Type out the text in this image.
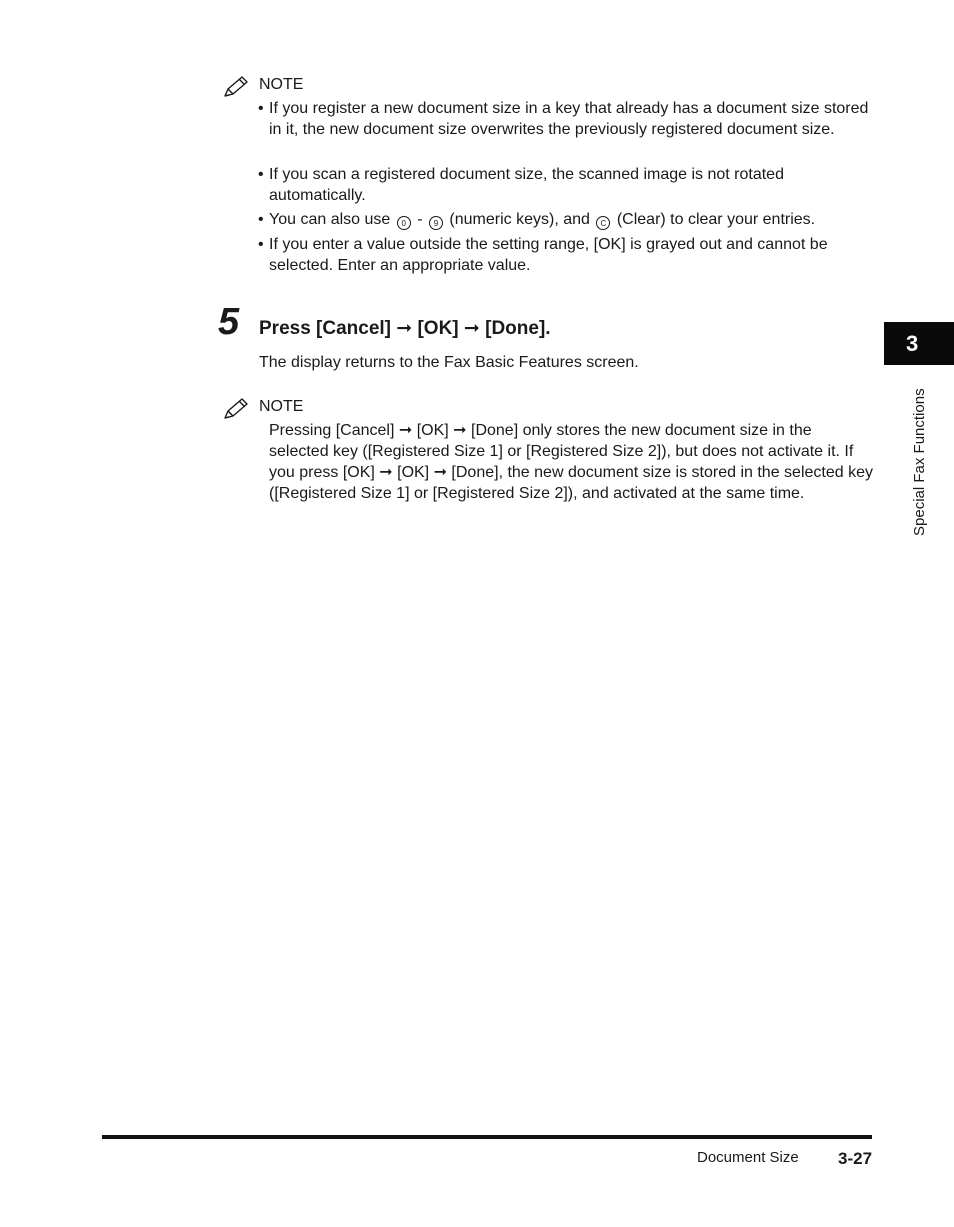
NOTE
• If you register a new document size in a key that already has a document size stored in it, the new document size overwrites the previously registered document size.
• If you scan a registered document size, the scanned image is not rotated automatically.
• You can also use 0 - 9 (numeric keys), and C (Clear) to clear your entries.
• If you enter a value outside the setting range, [OK] is grayed out and cannot be selected. Enter an appropriate value.
5 Press [Cancel] ➞ [OK] ➞ [Done].
The display returns to the Fax Basic Features screen.
NOTE
Pressing [Cancel] ➞ [OK] ➞ [Done] only stores the new document size in the selected key ([Registered Size 1] or [Registered Size 2]), but does not activate it. If you press [OK] ➞ [OK] ➞ [Done], the new document size is stored in the selected key ([Registered Size 1] or [Registered Size 2]), and activated at the same time.
3
Special Fax Functions
Document Size 3-27
